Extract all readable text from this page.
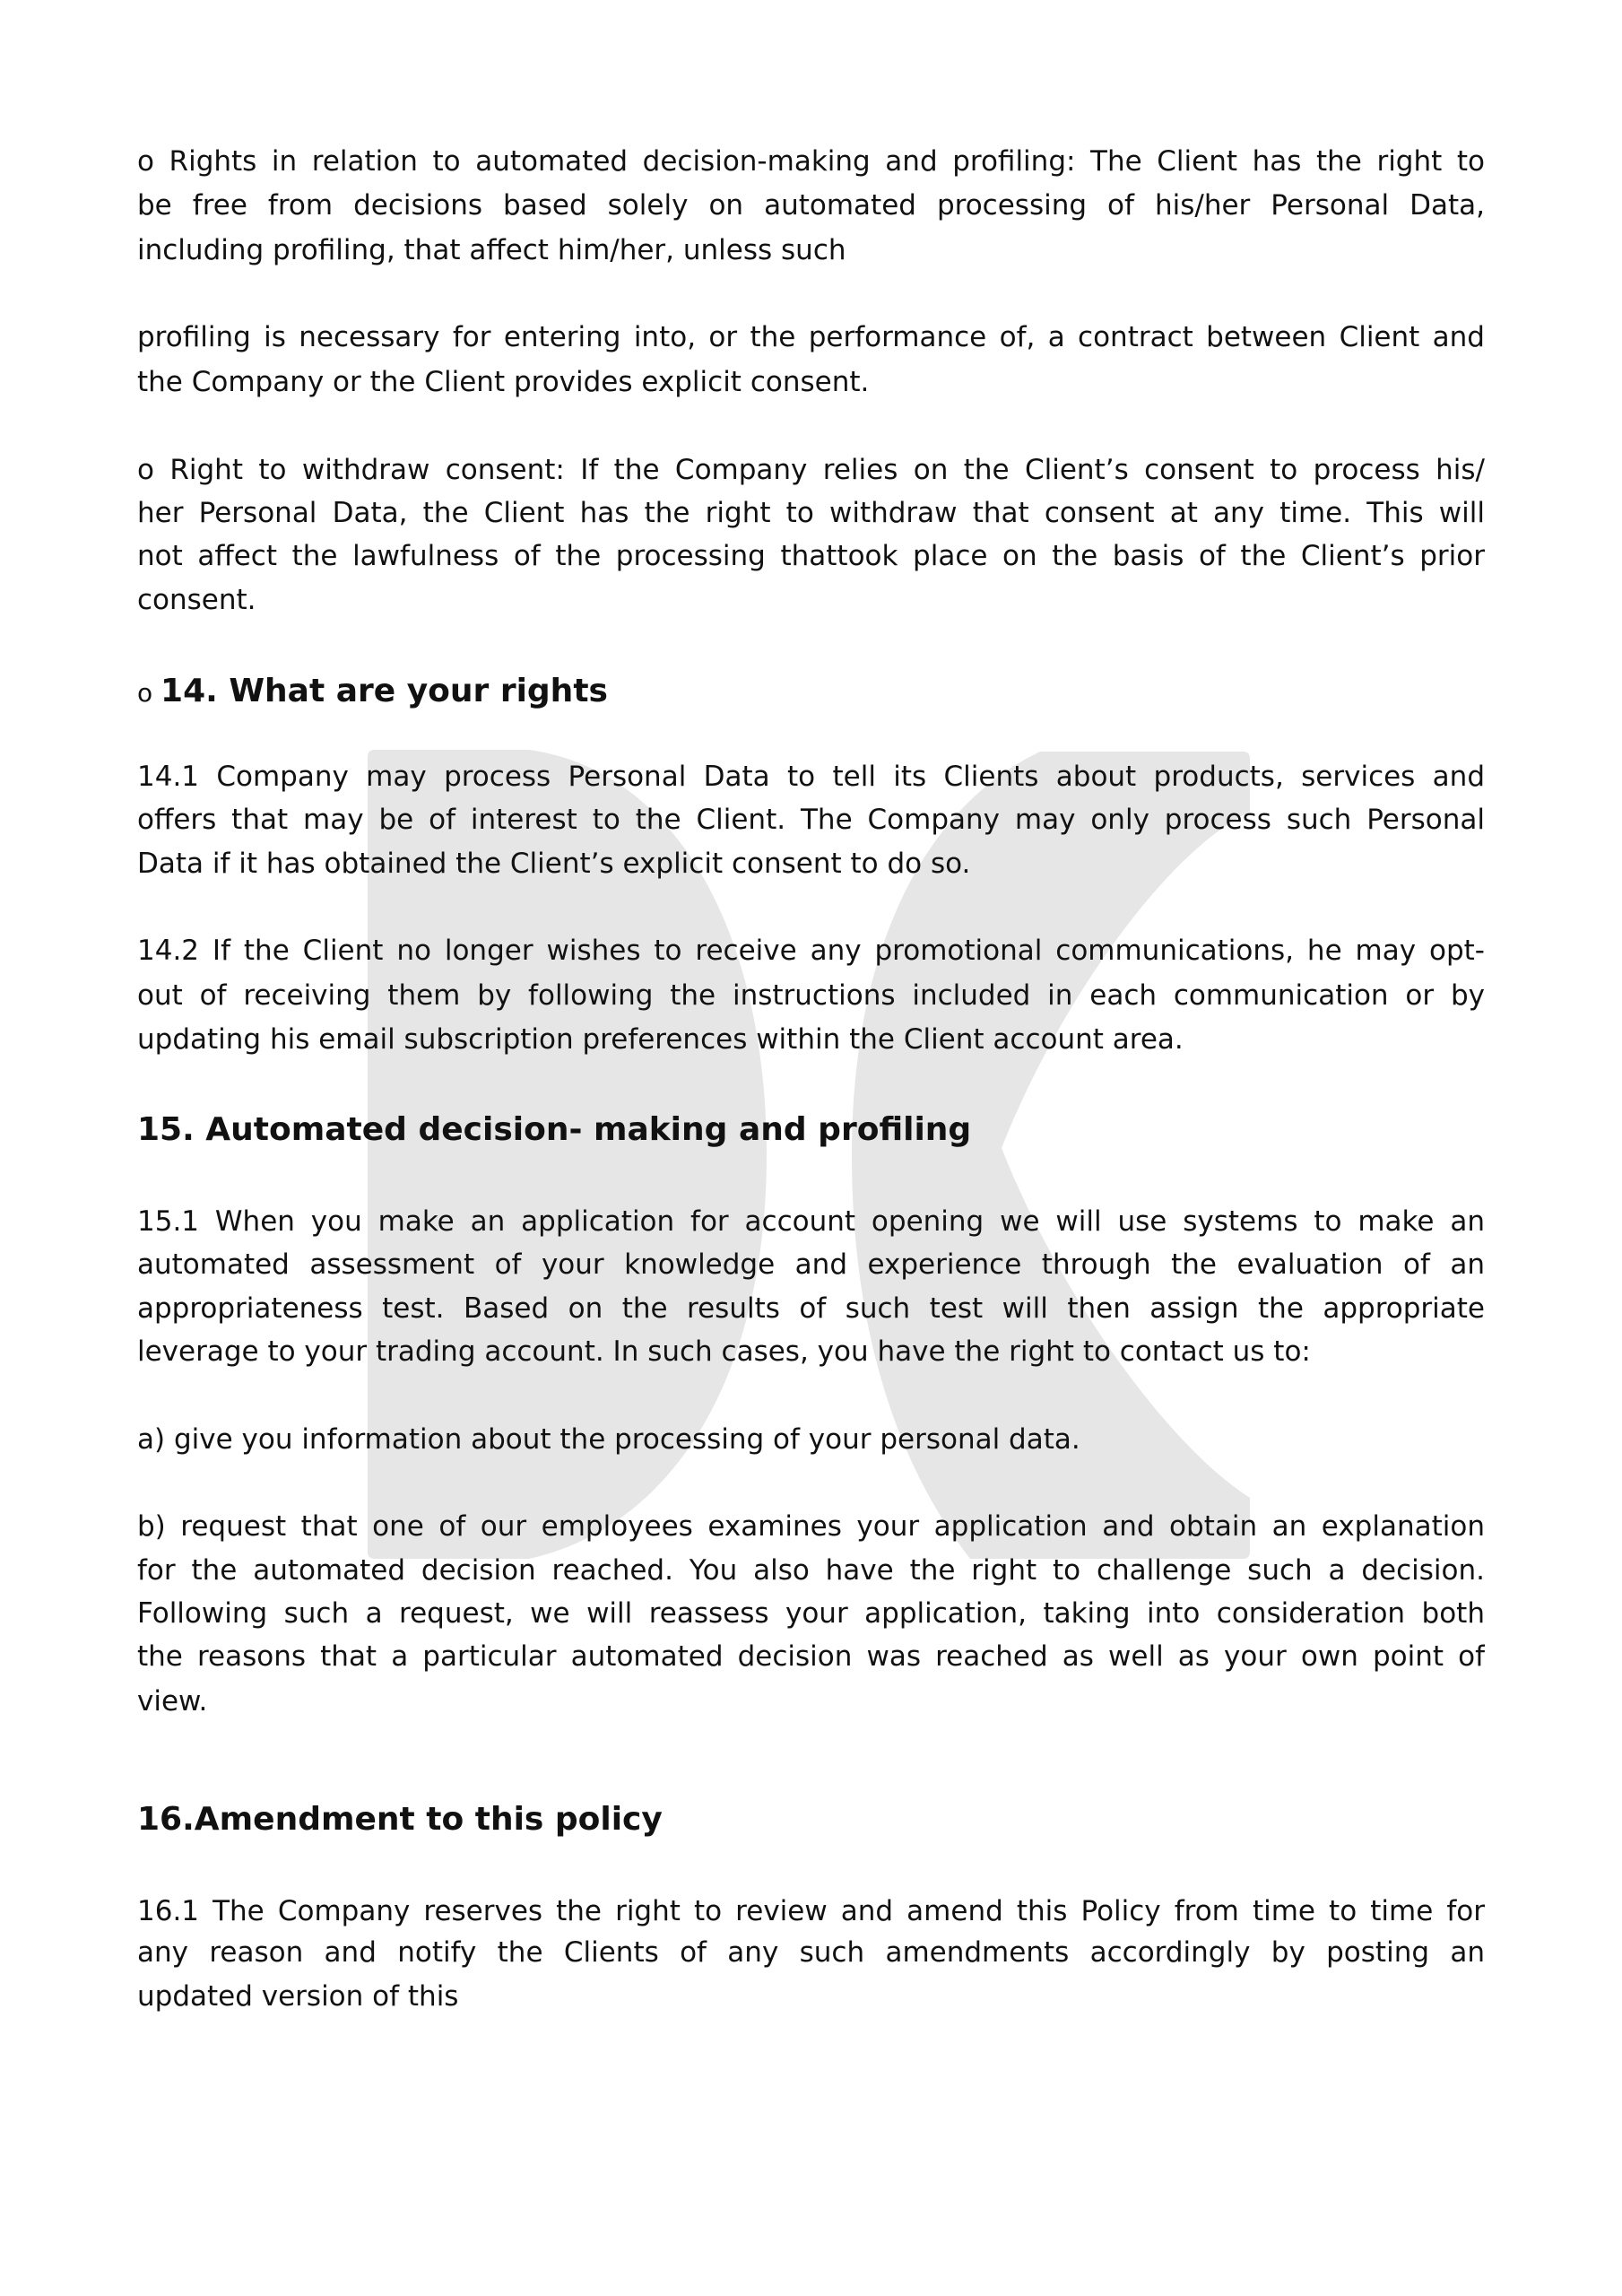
o Rights in relation to automated decision-making and profiling: The Client has the right to
be free from decisions based solely on automated processing of his/her Personal Data,
including profiling, that affect him/her, unless such
profiling is necessary for entering into, or the performance of, a contract between Client and
the Company or the Client provides explicit consent.
o Right to withdraw consent: If the Company relies on the Client’s consent to process his/
her Personal Data, the Client has the right to withdraw that consent at any time. This will
not affect the lawfulness of the processing thattook place on the basis of the Client’s prior
consent.
o 14. What are your rights
14.1 Company may process Personal Data to tell its Clients about products, services and
offers that may be of interest to the Client. The Company may only process such Personal
Data if it has obtained the Client’s explicit consent to do so.
14.2 If the Client no longer wishes to receive any promotional communications, he may opt-
out of receiving them by following the instructions included in each communication or by
updating his email subscription preferences within the Client account area.
15. Automated decision- making and profiling
15.1 When you make an application for account opening we will use systems to make an
automated assessment of your knowledge and experience through the evaluation of an
appropriateness test. Based on the results of such test will then assign the appropriate
leverage to your trading account. In such cases, you have the right to contact us to:
a) give you information about the processing of your personal data.
b) request that one of our employees examines your application and obtain an explanation
for the automated decision reached. You also have the right to challenge such a decision.
Following such a request, we will reassess your application, taking into consideration both
the reasons that a particular automated decision was reached as well as your own point of
view.
16.Amendment to this policy
16.1 The Company reserves the right to review and amend this Policy from time to time for
any reason and notify the Clients of any such amendments accordingly by posting an
updated version of this
